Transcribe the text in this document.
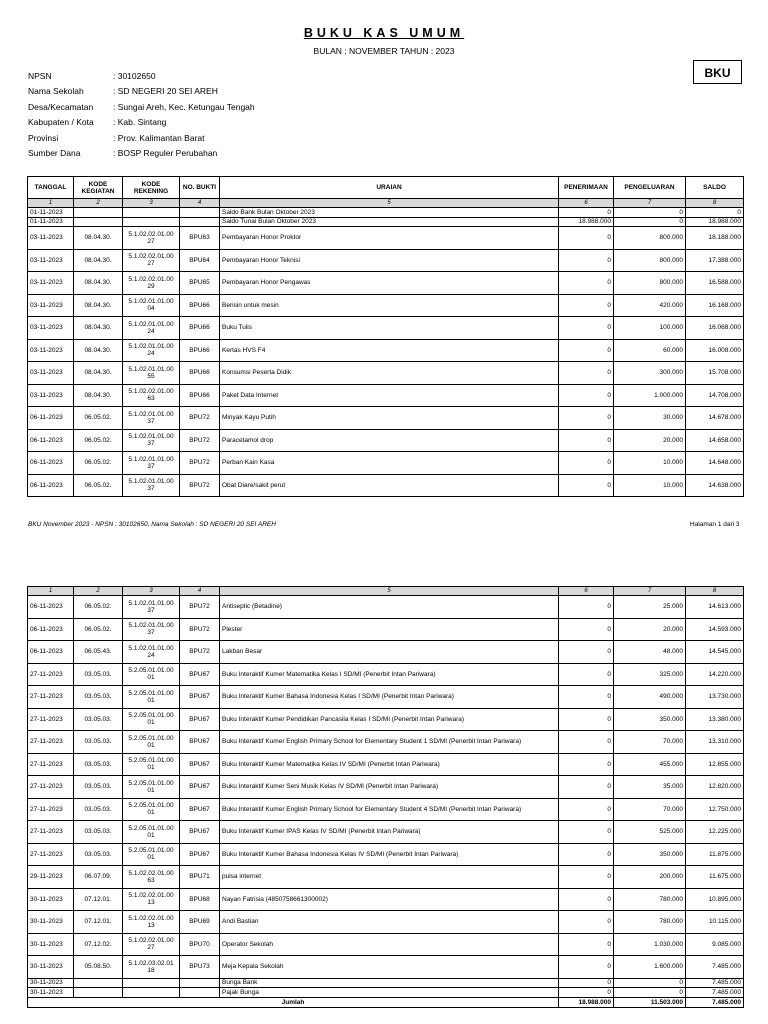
BUKU KAS UMUM
BULAN : NOVEMBER TAHUN : 2023
BKU
NPSN	: 30102650
Nama Sekolah	: SD NEGERI 20 SEI AREH
Desa/Kecamatan	: Sungai Areh, Kec. Ketungau Tengah
Kabupaten / Kota	: Kab. Sintang
Provinsi	: Prov. Kalimantan Barat
Sumber Dana	: BOSP Reguler Perubahan
TANGGAL	KODE KEGIATAN	KODE REKENING	NO. BUKTI	URAIAN	PENERIMAAN	PENGELUARAN	SALDO
1	2	3	4	5	6	7	8
01-11-2023				Saldo Bank Bulan Oktober 2023	0	0	0
01-11-2023				Saldo Tunai Bulan Oktober 2023	18.988.000	0	18.988.000
03-11-2023	08.04.30.	5.1.02.02.01.00 27	BPU63	Pembayaran Honor Proktor	0	800.000	18.188.000
03-11-2023	08.04.30.	5.1.02.02.01.00 27	BPU64	Pembayaran Honor Teknisi	0	800.000	17.388.000
03-11-2023	08.04.30.	5.1.02.02.01.00 29	BPU65	Pembayaran Honor Pengawas	0	800.000	16.588.000
03-11-2023	08.04.30.	5.1.02.01.01.00 04	BPU66	Bensin untuk mesin	0	420.000	16.168.000
03-11-2023	08.04.30.	5.1.02.01.01.00 24	BPU66	Buku Tulis	0	100.000	16.068.000
03-11-2023	08.04.30.	5.1.02.01.01.00 24	BPU66	Kertas HVS F4	0	60.000	16.008.000
03-11-2023	08.04.30.	5.1.02.01.01.00 55	BPU66	Konsumsi Peserta Didik	0	300.000	15.708.000
03-11-2023	08.04.30.	5.1.02.02.01.00 63	BPU66	Paket Data Internet	0	1.000.000	14.708.000
06-11-2023	06.05.02.	5.1.02.01.01.00 37	BPU72	Minyak Kayu Putih	0	30.000	14.678.000
06-11-2023	06.05.02.	5.1.02.01.01.00 37	BPU72	Paracetamol drop	0	20.000	14.658.000
06-11-2023	06.05.02.	5.1.02.01.01.00 37	BPU72	Perban Kain Kasa	0	10.000	14.648.000
06-11-2023	06.05.02.	5.1.02.01.01.00 37	BPU72	Obat Diare/sakit perut	0	10.000	14.638.000
BKU November 2023 - NPSN : 30102650, Nama Sekolah : SD NEGERI 20 SEI AREH	Halaman 1 dari 3
1	2	3	4	5	6	7	8
06-11-2023	06.05.02.	5.1.02.01.01.00 37	BPU72	Antiseptic (Betadine)	0	25.000	14.613.000
06-11-2023	06.05.02.	5.1.02.01.01.00 37	BPU72	Plester	0	20.000	14.593.000
06-11-2023	06.05.43.	5.1.02.01.01.00 24	BPU72	Lakban Besar	0	48.000	14.545.000
27-11-2023	03.05.03.	5.2.05.01.01.00 01	BPU67	Buku Interaktif Kumer Matematika Kelas I SD/MI (Penerbit Intan Pariwara)	0	325.000	14.220.000
27-11-2023	03.05.03.	5.2.05.01.01.00 01	BPU67	Buku Interaktif Kumer Bahasa Indonesia Kelas I SD/MI (Penerbit Intan Pariwara)	0	490.000	13.730.000
27-11-2023	03.05.03.	5.2.05.01.01.00 01	BPU67	Buku Interaktif Kumer Pendidikan Pancasila Kelas I SD/MI (Penerbit Intan Pariwara)	0	350.000	13.380.000
27-11-2023	03.05.03.	5.2.05.01.01.00 01	BPU67	Buku Interaktif Kumer English Primary School for Elementary Student 1 SD/MI (Penerbit Intan Pariwara)	0	70.000	13.310.000
27-11-2023	03.05.03.	5.2.05.01.01.00 01	BPU67	Buku Interaktif Kumer Matematika Kelas IV SD/MI (Penerbit Intan Pariwara)	0	455.000	12.855.000
27-11-2023	03.05.03.	5.2.05.01.01.00 01	BPU67	Buku Interaktif Kumer Seni Musik Kelas IV SD/MI (Penerbit Intan Pariwara)	0	35.000	12.820.000
27-11-2023	03.05.03.	5.2.05.01.01.00 01	BPU67	Buku Interaktif Kumer English Primary School for Elementary Student 4 SD/MI (Penerbit Intan Pariwara)	0	70.000	12.750.000
27-11-2023	03.05.03.	5.2.05.01.01.00 01	BPU67	Buku Interaktif Kumer IPAS Kelas IV SD/MI (Penerbit Intan Pariwara)	0	525.000	12.225.000
27-11-2023	03.05.03.	5.2.05.01.01.00 01	BPU67	Buku Interaktif Kumer Bahasa Indonesia Kelas IV SD/MI (Penerbit Intan Pariwara)	0	350.000	11.875.000
29-11-2023	06.07.09.	5.1.02.02.01.00 63	BPU71	pulsa internet	0	200.000	11.675.000
30-11-2023	07.12.01.	5.1.02.02.01.00 13	BPU68	Nayan Fatrisia (4850758661300002)	0	780.000	10.895.000
30-11-2023	07.12.01.	5.1.02.02.01.00 13	BPU69	Andi Bastian	0	780.000	10.115.000
30-11-2023	07.12.02.	5.1.02.02.01.00 27	BPU70	Operator Sekolah	0	1.030.000	9.085.000
30-11-2023	05.08.50.	5.1.02.03.02.01 18	BPU73	Meja Kepala Sekolah	0	1.600.000	7.485.000
30-11-2023				Bunga Bank	0	0	7.485.000
30-11-2023				Pajak Bunga	0	0	7.485.000
Jumlah					18.988.000	11.503.000	7.485.000
